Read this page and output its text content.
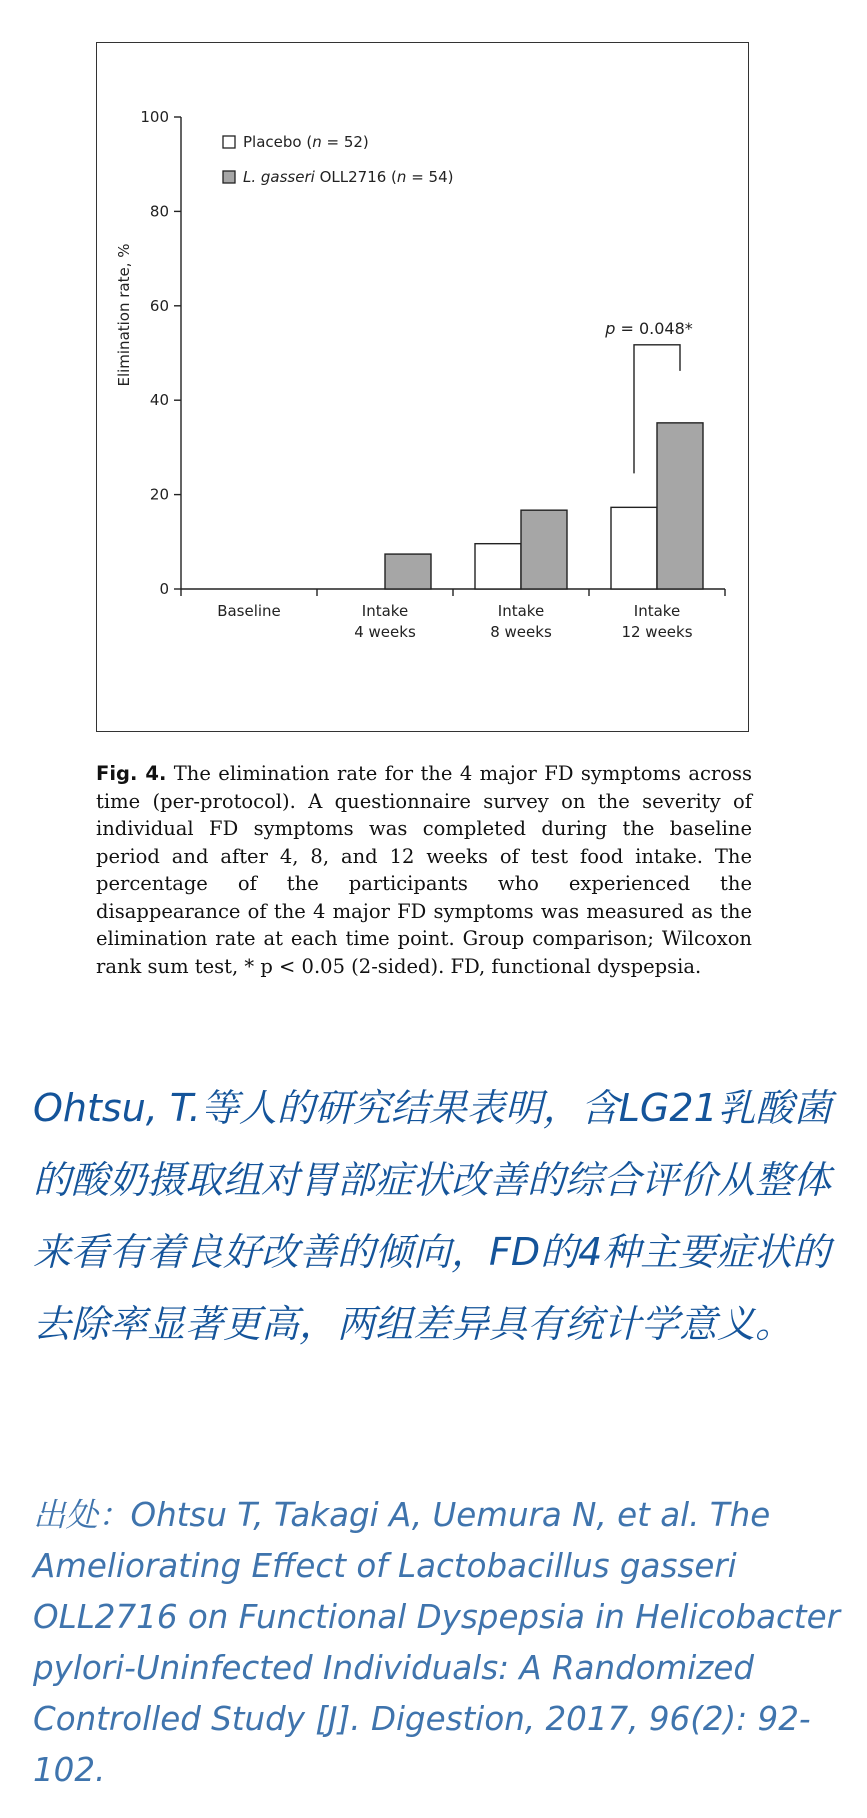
0
20
40
60
80
100
Baseline	Intake
4 weeks
Intake
8 weeks
Intake
12 weeks
Placebo (n = 52)
L. gasseri OLL2716 (n = 54)
Elimination rate, %	p = 0.048*

Fig. 4. The elimination rate for the 4 major FD symptoms across time (per-protocol). A questionnaire survey on the severity of individual FD symptoms was completed during the baseline period and after 4, 8, and 12 weeks of test food intake. The percentage of the participants who experienced the disappearance of the 4 major FD symptoms was measured as the elimination rate at each time point. Group comparison; Wilcoxon rank sum test, * p < 0.05 (2-sided). FD, functional dyspepsia.

Ohtsu, T.等人的研究结果表明，含LG21乳酸菌的酸奶摄取组对胃部症状改善的综合评价从整体来看有着良好改善的倾向，FD的4种主要症状的去除率显著更高，两组差异具有统计学意义。

出处：Ohtsu T, Takagi A, Uemura N, et al. The Ameliorating Effect of Lactobacillus gasseri OLL2716 on Functional Dyspepsia in Helicobacter pylori-Uninfected Individuals: A Randomized Controlled Study [J]. Digestion, 2017, 96(2): 92-102.
